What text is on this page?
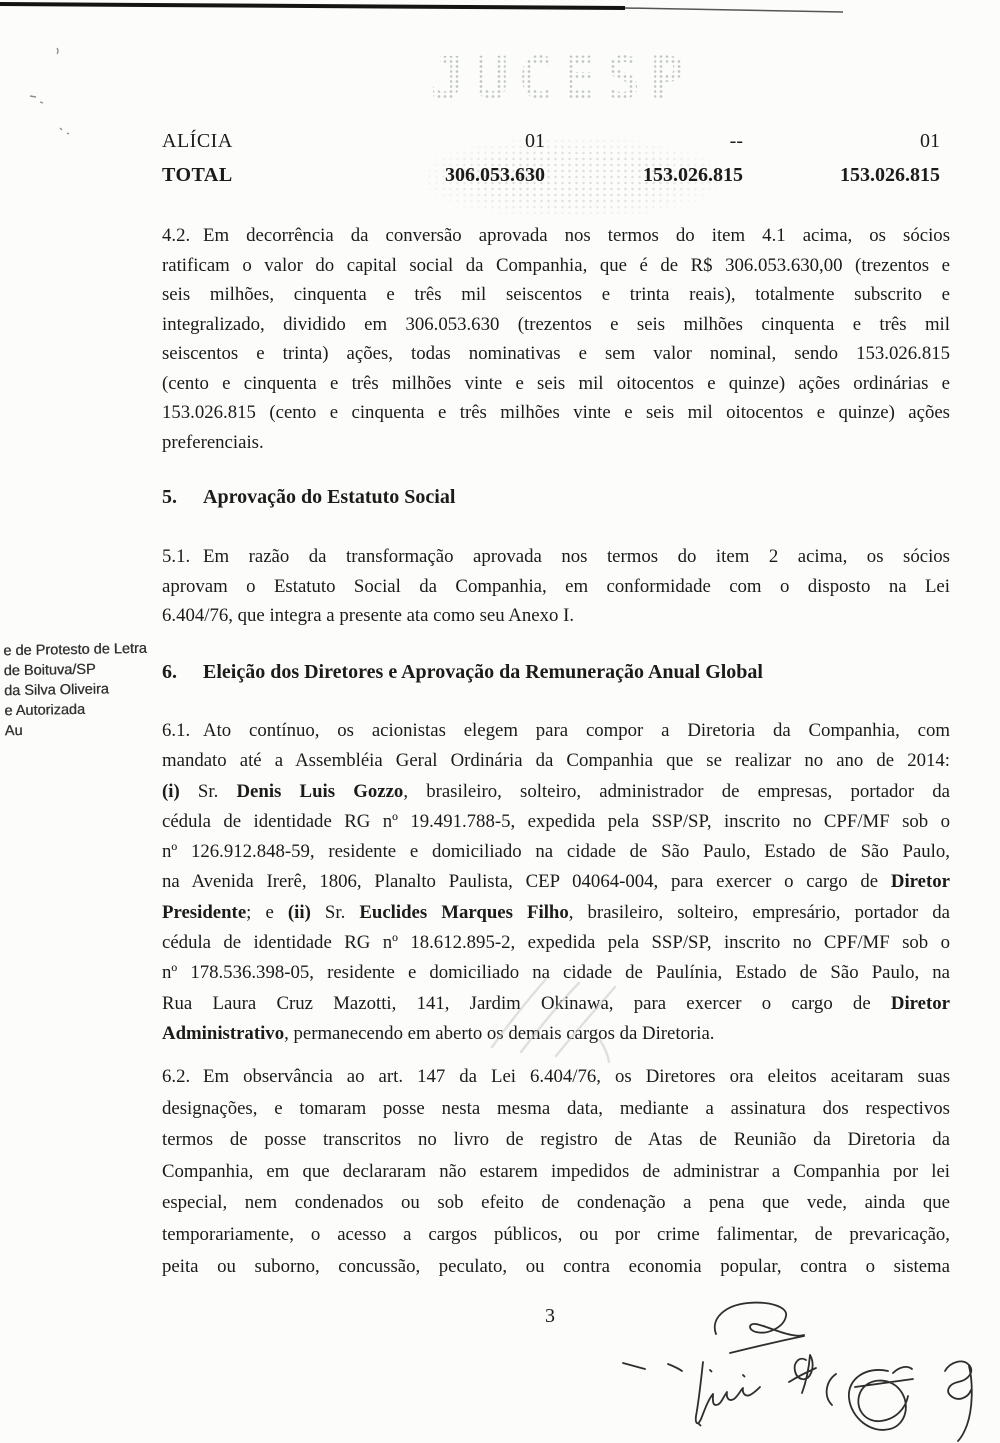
JUCESP
ALÍCIA	01	--	01
TOTAL	306.053.630	153.026.815	153.026.815
e de Protesto de Letra
de Boituva/SP
da Silva Oliveira
e Autorizada
Au
4.2. Em decorrência da conversão aprovada nos termos do item 4.1 acima, os sócios
ratificam o valor do capital social da Companhia, que é de R$ 306.053.630,00 (trezentos e
seis milhões, cinquenta e três mil seiscentos e trinta reais), totalmente subscrito e
integralizado, dividido em 306.053.630 (trezentos e seis milhões cinquenta e três mil
seiscentos e trinta) ações, todas nominativas e sem valor nominal, sendo 153.026.815
(cento e cinquenta e três milhões vinte e seis mil oitocentos e quinze) ações ordinárias e
153.026.815 (cento e cinquenta e três milhões vinte e seis mil oitocentos e quinze) ações
preferenciais.
5. Aprovação do Estatuto Social
5.1. Em razão da transformação aprovada nos termos do item 2 acima, os sócios
aprovam o Estatuto Social da Companhia, em conformidade com o disposto na Lei
6.404/76, que integra a presente ata como seu Anexo I.
6. Eleição dos Diretores e Aprovação da Remuneração Anual Global
6.1. Ato contínuo, os acionistas elegem para compor a Diretoria da Companhia, com
mandato até a Assembléia Geral Ordinária da Companhia que se realizar no ano de 2014:
(i) Sr. Denis Luis Gozzo, brasileiro, solteiro, administrador de empresas, portador da
cédula de identidade RG nº 19.491.788-5, expedida pela SSP/SP, inscrito no CPF/MF sob o
nº 126.912.848-59, residente e domiciliado na cidade de São Paulo, Estado de São Paulo,
na Avenida Irerê, 1806, Planalto Paulista, CEP 04064-004, para exercer o cargo de Diretor
Presidente; e (ii) Sr. Euclides Marques Filho, brasileiro, solteiro, empresário, portador da
cédula de identidade RG nº 18.612.895-2, expedida pela SSP/SP, inscrito no CPF/MF sob o
nº 178.536.398-05, residente e domiciliado na cidade de Paulínia, Estado de São Paulo, na
Rua Laura Cruz Mazotti, 141, Jardim Okinawa, para exercer o cargo de Diretor
Administrativo, permanecendo em aberto os demais cargos da Diretoria.
6.2. Em observância ao art. 147 da Lei 6.404/76, os Diretores ora eleitos aceitaram suas
designações, e tomaram posse nesta mesma data, mediante a assinatura dos respectivos
termos de posse transcritos no livro de registro de Atas de Reunião da Diretoria da
Companhia, em que declararam não estarem impedidos de administrar a Companhia por lei
especial, nem condenados ou sob efeito de condenação a pena que vede, ainda que
temporariamente, o acesso a cargos públicos, ou por crime falimentar, de prevaricação,
peita ou suborno, concussão, peculato, ou contra economia popular, contra o sistema
3
